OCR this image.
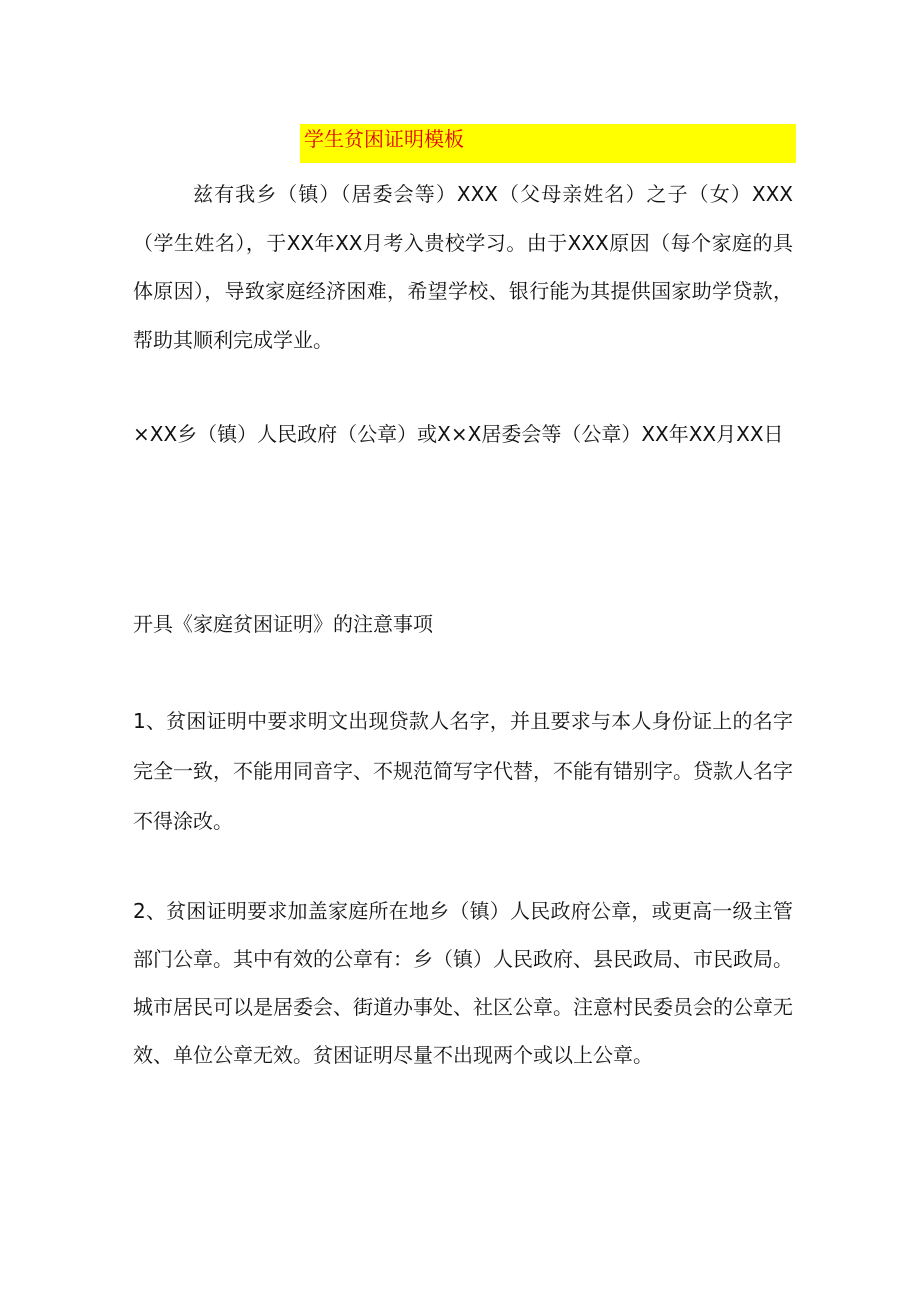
学生贫困证明模板

兹有我乡（镇）（居委会等）XXX（父母亲姓名）之子（女）XXX（学生姓名），于XX年XX月考入贵校学习。由于XXX原因（每个家庭的具体原因），导致家庭经济困难，希望学校、银行能为其提供国家助学贷款，帮助其顺利完成学业。

×XX乡（镇）人民政府（公章）或X×X居委会等（公章）XX年XX月XX日

开具《家庭贫困证明》的注意事项

1、贫困证明中要求明文出现贷款人名字，并且要求与本人身份证上的名字完全一致，不能用同音字、不规范简写字代替，不能有错别字。贷款人名字不得涂改。

2、贫困证明要求加盖家庭所在地乡（镇）人民政府公章，或更高一级主管部门公章。其中有效的公章有：乡（镇）人民政府、县民政局、市民政局。城市居民可以是居委会、街道办事处、社区公章。注意村民委员会的公章无效、单位公章无效。贫困证明尽量不出现两个或以上公章。
